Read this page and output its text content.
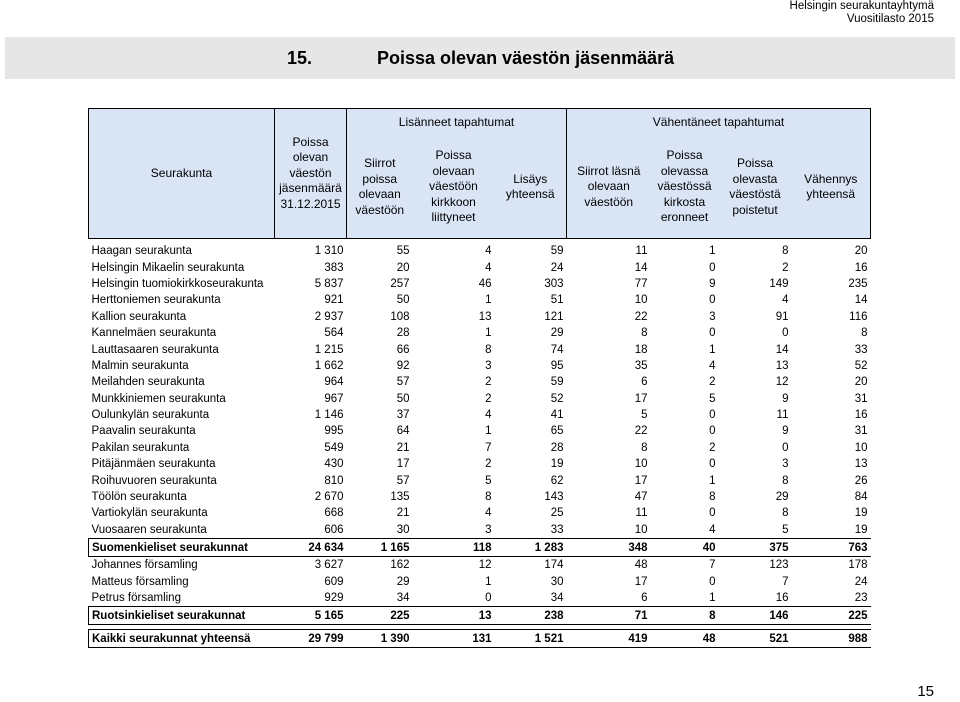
Helsingin seurakuntayhtymä
Vuositilasto 2015
15.	Poissa olevan väestön jäsenmäärä
Seurakunta	Poissa olevan väestön jäsenmäärä 31.12.2015	Lisänneet tapahtumat			Vähentäneet tapahtumat			
		Siirrot poissa olevaan väestöön	Poissa olevaan väestöön kirkkoon liittyneet	Lisäys yhteensä	Siirrot läsnä olevaan väestöön	Poissa olevassa väestössä kirkosta eronneet	Poissa olevasta väestöstä poistetut	Vähennys yhteensä

Haagan seurakunta	1 310	55	4	59	11	1	8	20
Helsingin Mikaelin seurakunta	383	20	4	24	14	0	2	16
Helsingin tuomiokirkkoseurakunta	5 837	257	46	303	77	9	149	235
Herttoniemen seurakunta	921	50	1	51	10	0	4	14
Kallion seurakunta	2 937	108	13	121	22	3	91	116
Kannelmäen seurakunta	564	28	1	29	8	0	0	8
Lauttasaaren seurakunta	1 215	66	8	74	18	1	14	33
Malmin seurakunta	1 662	92	3	95	35	4	13	52
Meilahden seurakunta	964	57	2	59	6	2	12	20
Munkkiniemen seurakunta	967	50	2	52	17	5	9	31
Oulunkylän seurakunta	1 146	37	4	41	5	0	11	16
Paavalin seurakunta	995	64	1	65	22	0	9	31
Pakilan seurakunta	549	21	7	28	8	2	0	10
Pitäjänmäen seurakunta	430	17	2	19	10	0	3	13
Roihuvuoren seurakunta	810	57	5	62	17	1	8	26
Töölön seurakunta	2 670	135	8	143	47	8	29	84
Vartiokylän seurakunta	668	21	4	25	11	0	8	19
Vuosaaren seurakunta	606	30	3	33	10	4	5	19
Suomenkieliset seurakunnat	24 634	1 165	118	1 283	348	40	375	763
Johannes församling	3 627	162	12	174	48	7	123	178
Matteus församling	609	29	1	30	17	0	7	24
Petrus församling	929	34	0	34	6	1	16	23
Ruotsinkieliset seurakunnat	5 165	225	13	238	71	8	146	225

Kaikki seurakunnat yhteensä	29 799	1 390	131	1 521	419	48	521	988
15
